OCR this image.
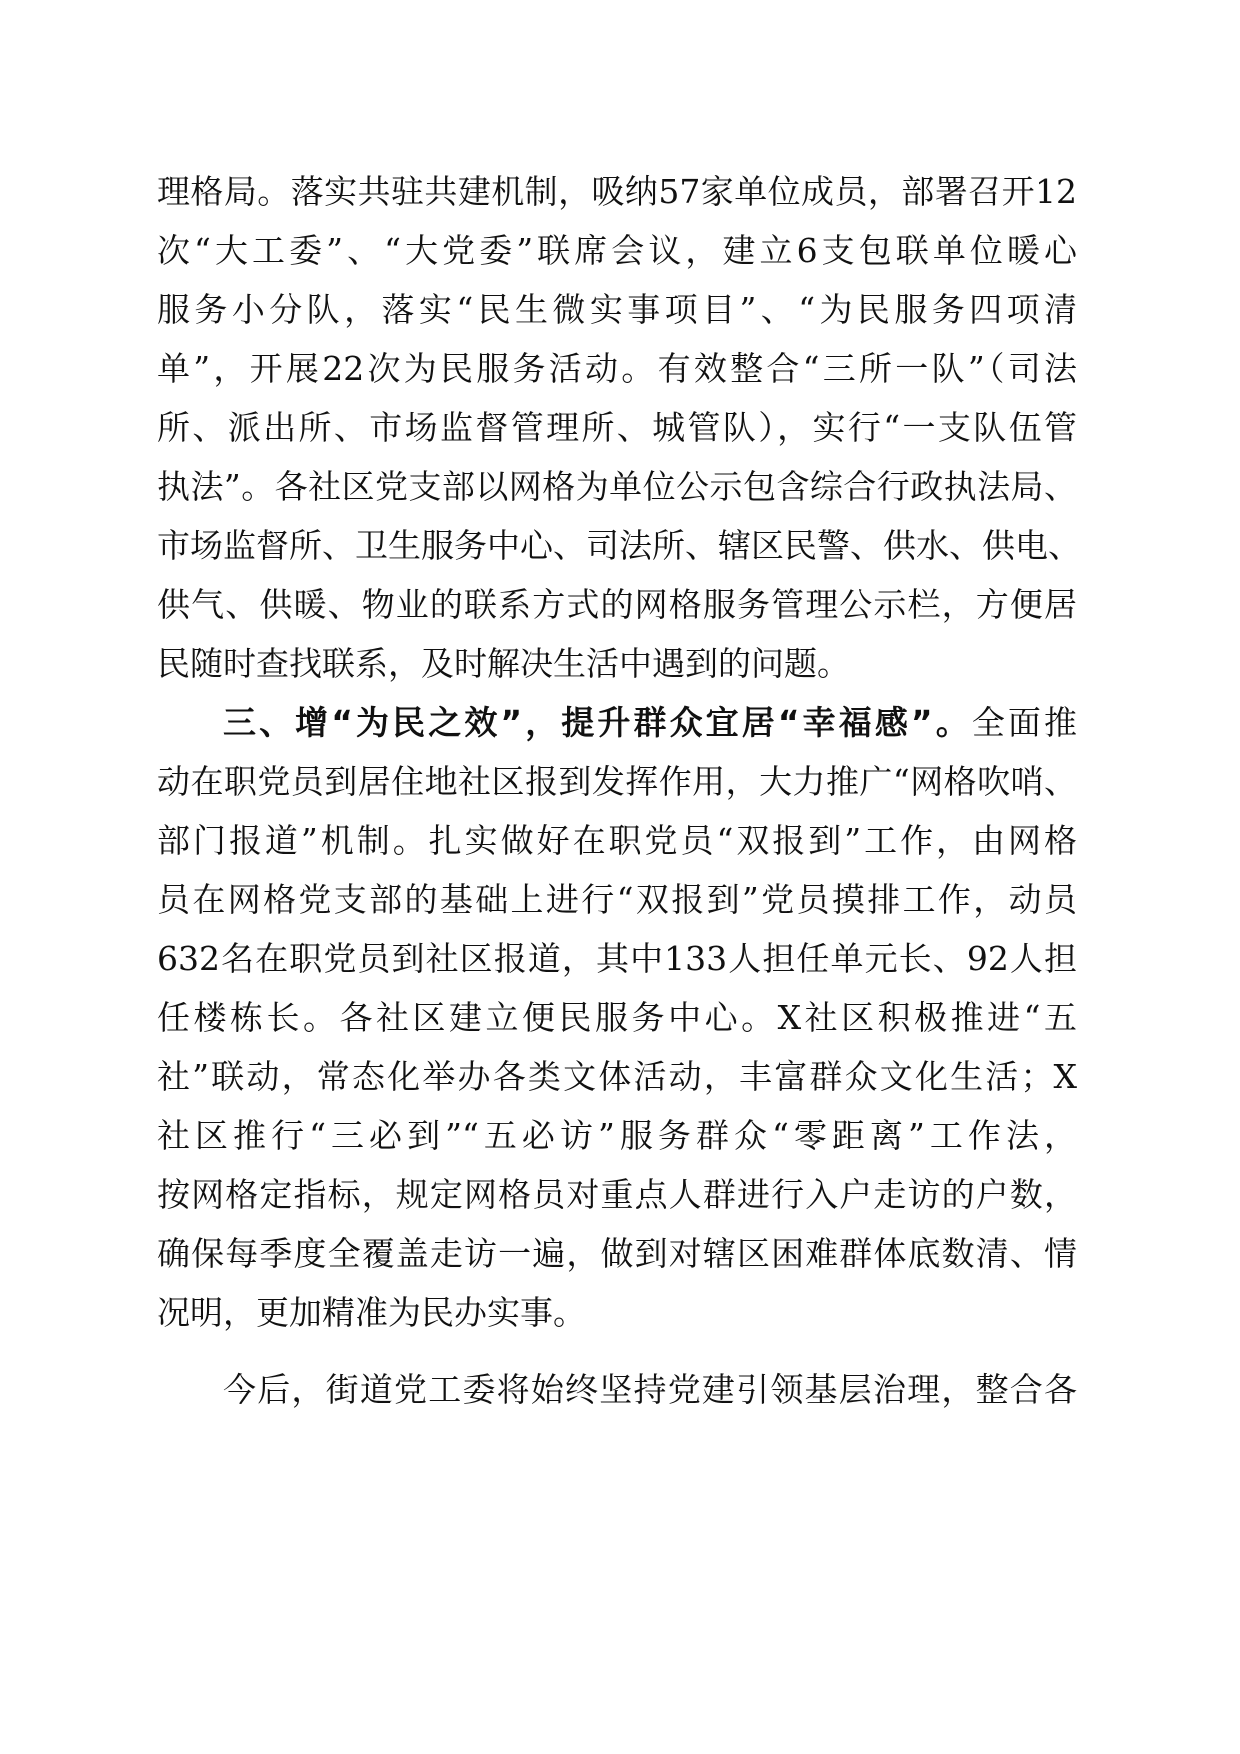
理格局。落实共驻共建机制，吸纳57家单位成员，部署召开12
次“大工委”、“大党委”联席会议，建立6支包联单位暖心
服务小分队，落实“民生微实事项目”、“为民服务四项清
单”，开展22次为民服务活动。有效整合“三所一队”（司法
所、派出所、市场监督管理所、城管队），实行“一支队伍管
执法”。各社区党支部以网格为单位公示包含综合行政执法局、
市场监督所、卫生服务中心、司法所、辖区民警、供水、供电、
供气、供暖、物业的联系方式的网格服务管理公示栏，方便居
民随时查找联系，及时解决生活中遇到的问题。
三、增“为民之效”，提升群众宜居“幸福感”。全面推
动在职党员到居住地社区报到发挥作用，大力推广“网格吹哨、
部门报道”机制。扎实做好在职党员“双报到”工作，由网格
员在网格党支部的基础上进行“双报到”党员摸排工作，动员
632名在职党员到社区报道，其中133人担任单元长、92人担
任楼栋长。各社区建立便民服务中心。X社区积极推进“五
社”联动，常态化举办各类文体活动，丰富群众文化生活；X
社区推行“三必到”“五必访”服务群众“零距离”工作法，
按网格定指标，规定网格员对重点人群进行入户走访的户数，
确保每季度全覆盖走访一遍，做到对辖区困难群体底数清、情
况明，更加精准为民办实事。
今后，街道党工委将始终坚持党建引领基层治理，整合各
